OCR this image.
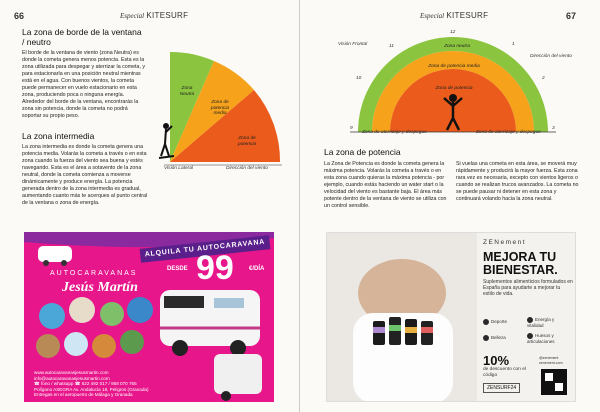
66	Especial KITESURF
La zona de borde de la ventana / neutro

El borde de la ventana de viento (zona Neutra) es donde la cometa genera menos potencia. Esta es la zona utilizada para despegar y aterrizar la cometa, y para estacionarla en una posición neutral mientras está en el agua. Con buenos vientos, la cometa puede permanecer en vuelo estacionario en esta zona, produciendo poca o ninguna energía. Alrededor del borde de la ventana, encontrarás la zona sin potencia, donde la cometa no podrá soportar su propio peso.

La zona intermedia

La zona intermedia es donde la cometa genera una potencia media. Volarás la cometa a través o en esta zona cuando la fuerza del viento sea buena y estés navegando. Esta es el área a sotavento de la zona neutral, donde la cometa comienza a moverse dinámicamente y produce energía. La potencia generada dentro de la zona intermedia es gradual, aumentando cuanto más te acerques al punto central de la ventana o zona de energía.

Zona Neutra
Zona de potencia media
Zona de potencia
Visión Lateral	Dirección del viento
AUTOCARAVANAS
Jesús Martín
ALQUILA TU AUTOCARAVANA
DESDE 99	€/DÍA
www.autocaravanasjesusmartin.com
info@autocaravanasjesusmartin.com
☎ fono / whatsapp ☎ 622 492 017 / 958 070 765
Polígono ASEGRA Av. Andalucía 18, Peligros (Granada)
Entregas en el aeropuerto de Málaga y Granada
Especial KITESURF	67
Zona neutra
Zona de potencia media
Zona de potencia
Visión Frontal
Dirección del viento
Zona de aterrizaje y despegue	Zona de aterrizaje y despegue
12
11	1
10	2
9	3
La zona de potencia

La Zona de Potencia es donde la cometa genera la máxima potencia. Volarás la cometa a través o en esta zona cuando quieras la máxima potencia - por ejemplo, cuando estás haciendo un water start o la velocidad del viento es bastante baja. El área más potente dentro de la ventana de viento se utiliza con un control sensible.

Si vuelas una cometa en esta área, se moverá muy rápidamente y producirá la mayor fuerza. Esta zona rara vez es necesaria, excepto con vientos ligeros o cuando se realizan trucos avanzados. La cometa no se puede pausar ni detener en esta zona y continuará volando hacia la zona neutral.

ZENement
MEJORA TU BIENESTAR.
Suplementos alimenticios formulados en España para ayudarte a mejorar tu estilo de vida.
Deporte	Energía y vitalidad
Belleza	Huesos y articulaciones
10%
de descuento con el código
ZENSURF24
@zenement
zenement.com
